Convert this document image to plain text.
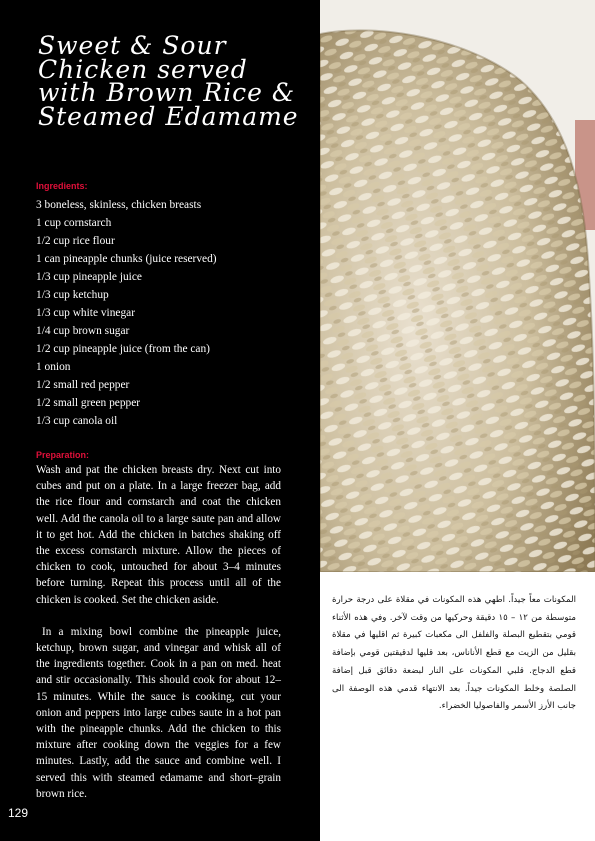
Sweet & Sour Chicken served with Brown Rice & Steamed Edamame
Ingredients:
3 boneless, skinless, chicken breasts
1 cup cornstarch
1/2 cup rice flour
1 can pineapple chunks (juice reserved)
1/3 cup pineapple juice
1/3 cup ketchup
1/3 cup white vinegar
1/4 cup brown sugar
1/2 cup pineapple juice (from the can)
1 onion
1/2 small red pepper
1/2 small green pepper
1/3 cup canola oil
Preparation:

Wash and pat the chicken breasts dry. Next cut into cubes and put on a plate. In a large freezer bag, add the rice flour and cornstarch and coat the chicken well. Add the canola oil to a large saute pan and allow it to get hot. Add the chicken in batches shaking off the excess cornstarch mixture. Allow the pieces of chicken to cook, untouched for about 3–4 minutes before turning. Repeat this process until all of the chicken is cooked. Set the chicken aside.

In a mixing bowl combine the pineapple juice, ketchup, brown sugar, and vinegar and whisk all of the ingredients together. Cook in a pan on med. heat and stir occasionally. This should cook for about 12–15 minutes. While the sauce is cooking, cut your onion and peppers into large cubes saute in a hot pan with the pineapple chunks. Add the chicken to this mixture after cooking down the veggies for a few minutes. Lastly, add the sauce and combine well. I served this with steamed edamame and short–grain brown rice.

129

المكونات معاً جيداً. اطهي هذه المكونات في مقلاة على درجة حرارة متوسطة من ١٢ – ١٥ دقيقة وحركيها من وقت لآخر. وفي هذه الأثناء قومي بتقطيع البصلة والفلفل الى مكعبات كبيرة ثم اقليها في مقلاة بقليل من الزيت مع قطع الأناناس، بعد قليها لدقيقتين قومي بإضافة قطع الدجاج. قلبي المكونات على النار لبضعة دقائق قبل إضافة الصلصة وخلط المكونات جيداً. بعد الانتهاء قدمي هذه الوصفة الى جانب الأرز الأسمر والفاصوليا الخضراء.
